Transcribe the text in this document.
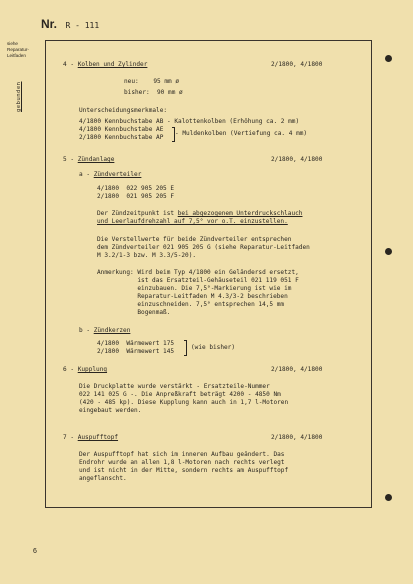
Nr. R - 111
siehe
Reparatur-
Leitfaden
gebunden
4 - Kolben und Zylinder	2/1800, 4/1800
neu:    95 mm ø
bisher:  90 mm ø
Unterscheidungsmerkmale:
4/1800 Kennbuchstabe AB - Kalottenkolben (Erhöhung ca. 2 mm)
4/1800 Kennbuchstabe AE
2/1800 Kennbuchstabe AP
- Muldenkolben (Vertiefung ca. 4 mm)
5 - Zündanlage	2/1800, 4/1800
a - Zündverteiler
4/1800  022 905 205 E
2/1800  021 905 205 F
Der Zündzeitpunkt ist bei abgezogenem Unterdruckschlauch
und Leerlaufdrehzahl auf 7,5° vor o.T. einzustellen.
Die Verstellwerte für beide Zündverteiler entsprechen
dem Zündverteiler 021 905 205 G (siehe Reparatur-Leitfaden
M 3.2/1-3 bzw. M 3.3/5-20).
Anmerkung: Wird beim Typ 4/1800 ein Geländersd ersetzt,
ist das Ersatzteil-Gehäuseteil 021 119 051 F
einzubauen. Die 7,5°-Markierung ist wie im
Reparatur-Leitfaden M 4.3/3-2 beschrieben
einzuschneiden. 7,5° entsprechen 14,5 mm
Bogenmaß.
b - Zündkerzen
4/1800  Wärmewert 175
2/1800  Wärmewert 145
(wie bisher)
6 - Kupplung	2/1800, 4/1800
Die Druckplatte wurde verstärkt - Ersatzteile-Nummer
022 141 025 G -. Die Anpreßkraft beträgt 4200 - 4850 Nm
(420 - 485 kp). Diese Kupplung kann auch in 1,7 l-Motoren
eingebaut werden.
7 - Auspufftopf	2/1800, 4/1800
Der Auspufftopf hat sich im inneren Aufbau geändert. Das
Endrohr wurde an allen 1,8 l-Motoren nach rechts verlegt
und ist nicht in der Mitte, sondern rechts am Auspufftopf
angeflanscht.
6
